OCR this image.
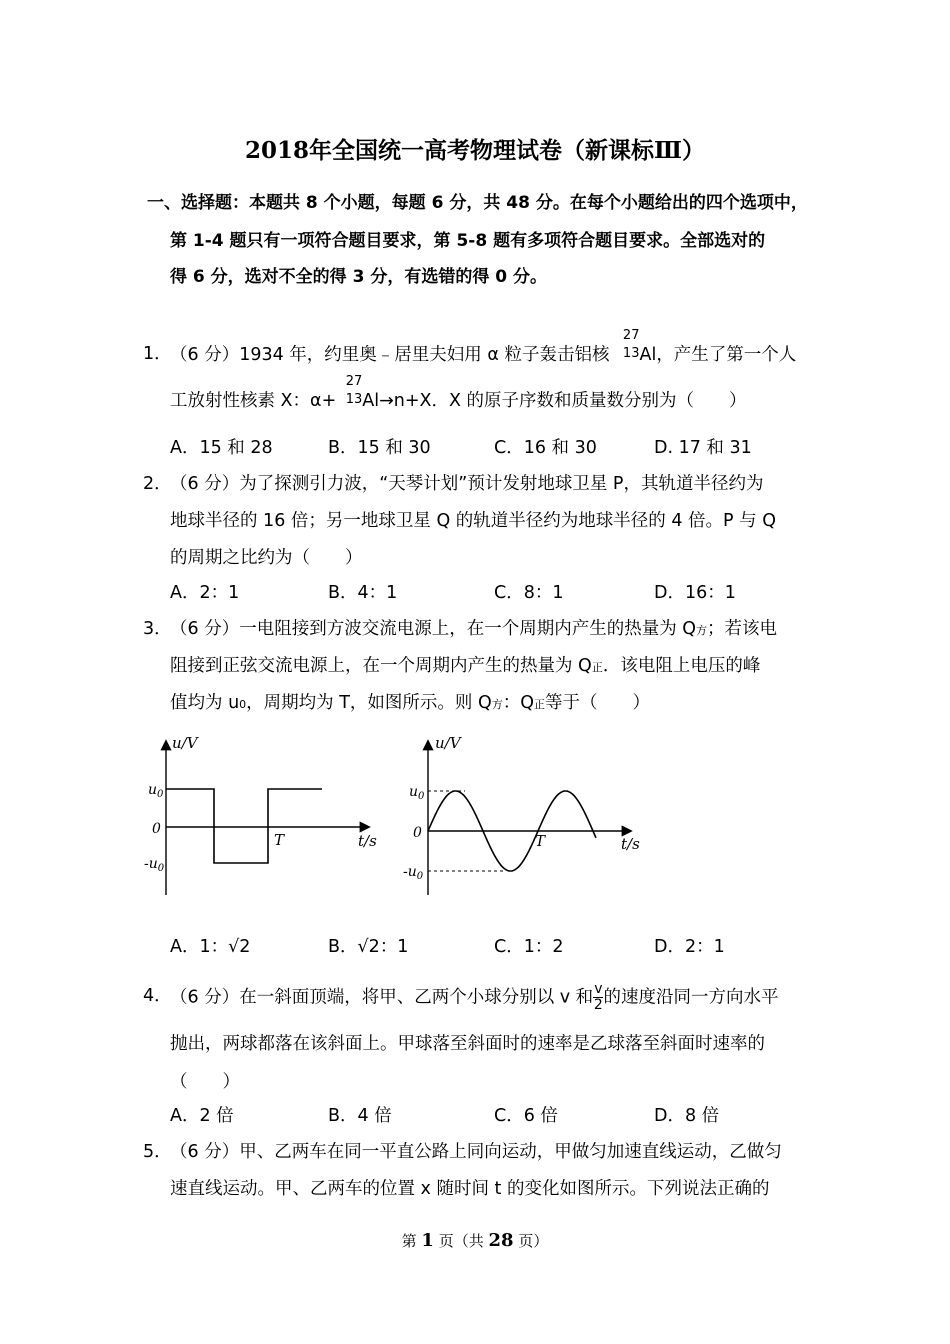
2018年全国统一高考物理试卷（新课标Ⅲ）
一、选择题：本题共 8 个小题，每题 6 分，共 48 分。在每个小题给出的四个选项中，
第 1-4 题只有一项符合题目要求，第 5-8 题有多项符合题目要求。全部选对的
得 6 分，选对不全的得 3 分，有选错的得 0 分。
1．
（6 分）1934 年，约里奥﹣居里夫妇用 α 粒子轰击铝核
27
13 Al，产生了第一个人
工放射性核素 X：α+
27
13 Al→n+X．X 的原子序数和质量数分别为（　　）
A．15 和 28	B．15 和 30	C．16 和 30	D. 17 和 31
2．
（6 分）为了探测引力波，“天琴计划”预计发射地球卫星 P，其轨道半径约为
地球半径的 16 倍；另一地球卫星 Q 的轨道半径约为地球半径的 4 倍。P 与 Q
的周期之比约为（　　）
A．2：1	B．4：1	C．8：1	D．16：1
3．
（6 分）一电阻接到方波交流电源上，在一个周期内产生的热量为 Q方；若该电
阻接到正弦交流电源上，在一个周期内产生的热量为 Q正．该电阻上电压的峰
值均为 u0，周期均为 T，如图所示。则 Q方：Q正等于（　　）
u/V
t/s
$u_0$
0
$-u_0$
T
u/V
t/s
$u_0$
0
$-u_0$
T
A．1：√2	B．√2：1	C．1：2	D．2：1
4．
（6 分）在一斜面顶端，将甲、乙两个小球分别以 v 和 $\frac{v}{2}$ 的速度沿同一方向水平
抛出，两球都落在该斜面上。甲球落至斜面时的速率是乙球落至斜面时速率的
（　　）
A．2 倍	B．4 倍	C．6 倍	D．8 倍
5．
（6 分）甲、乙两车在同一平直公路上同向运动，甲做匀加速直线运动，乙做匀
速直线运动。甲、乙两车的位置 x 随时间 t 的变化如图所示。下列说法正确的
第 1 页（共 28 页）
